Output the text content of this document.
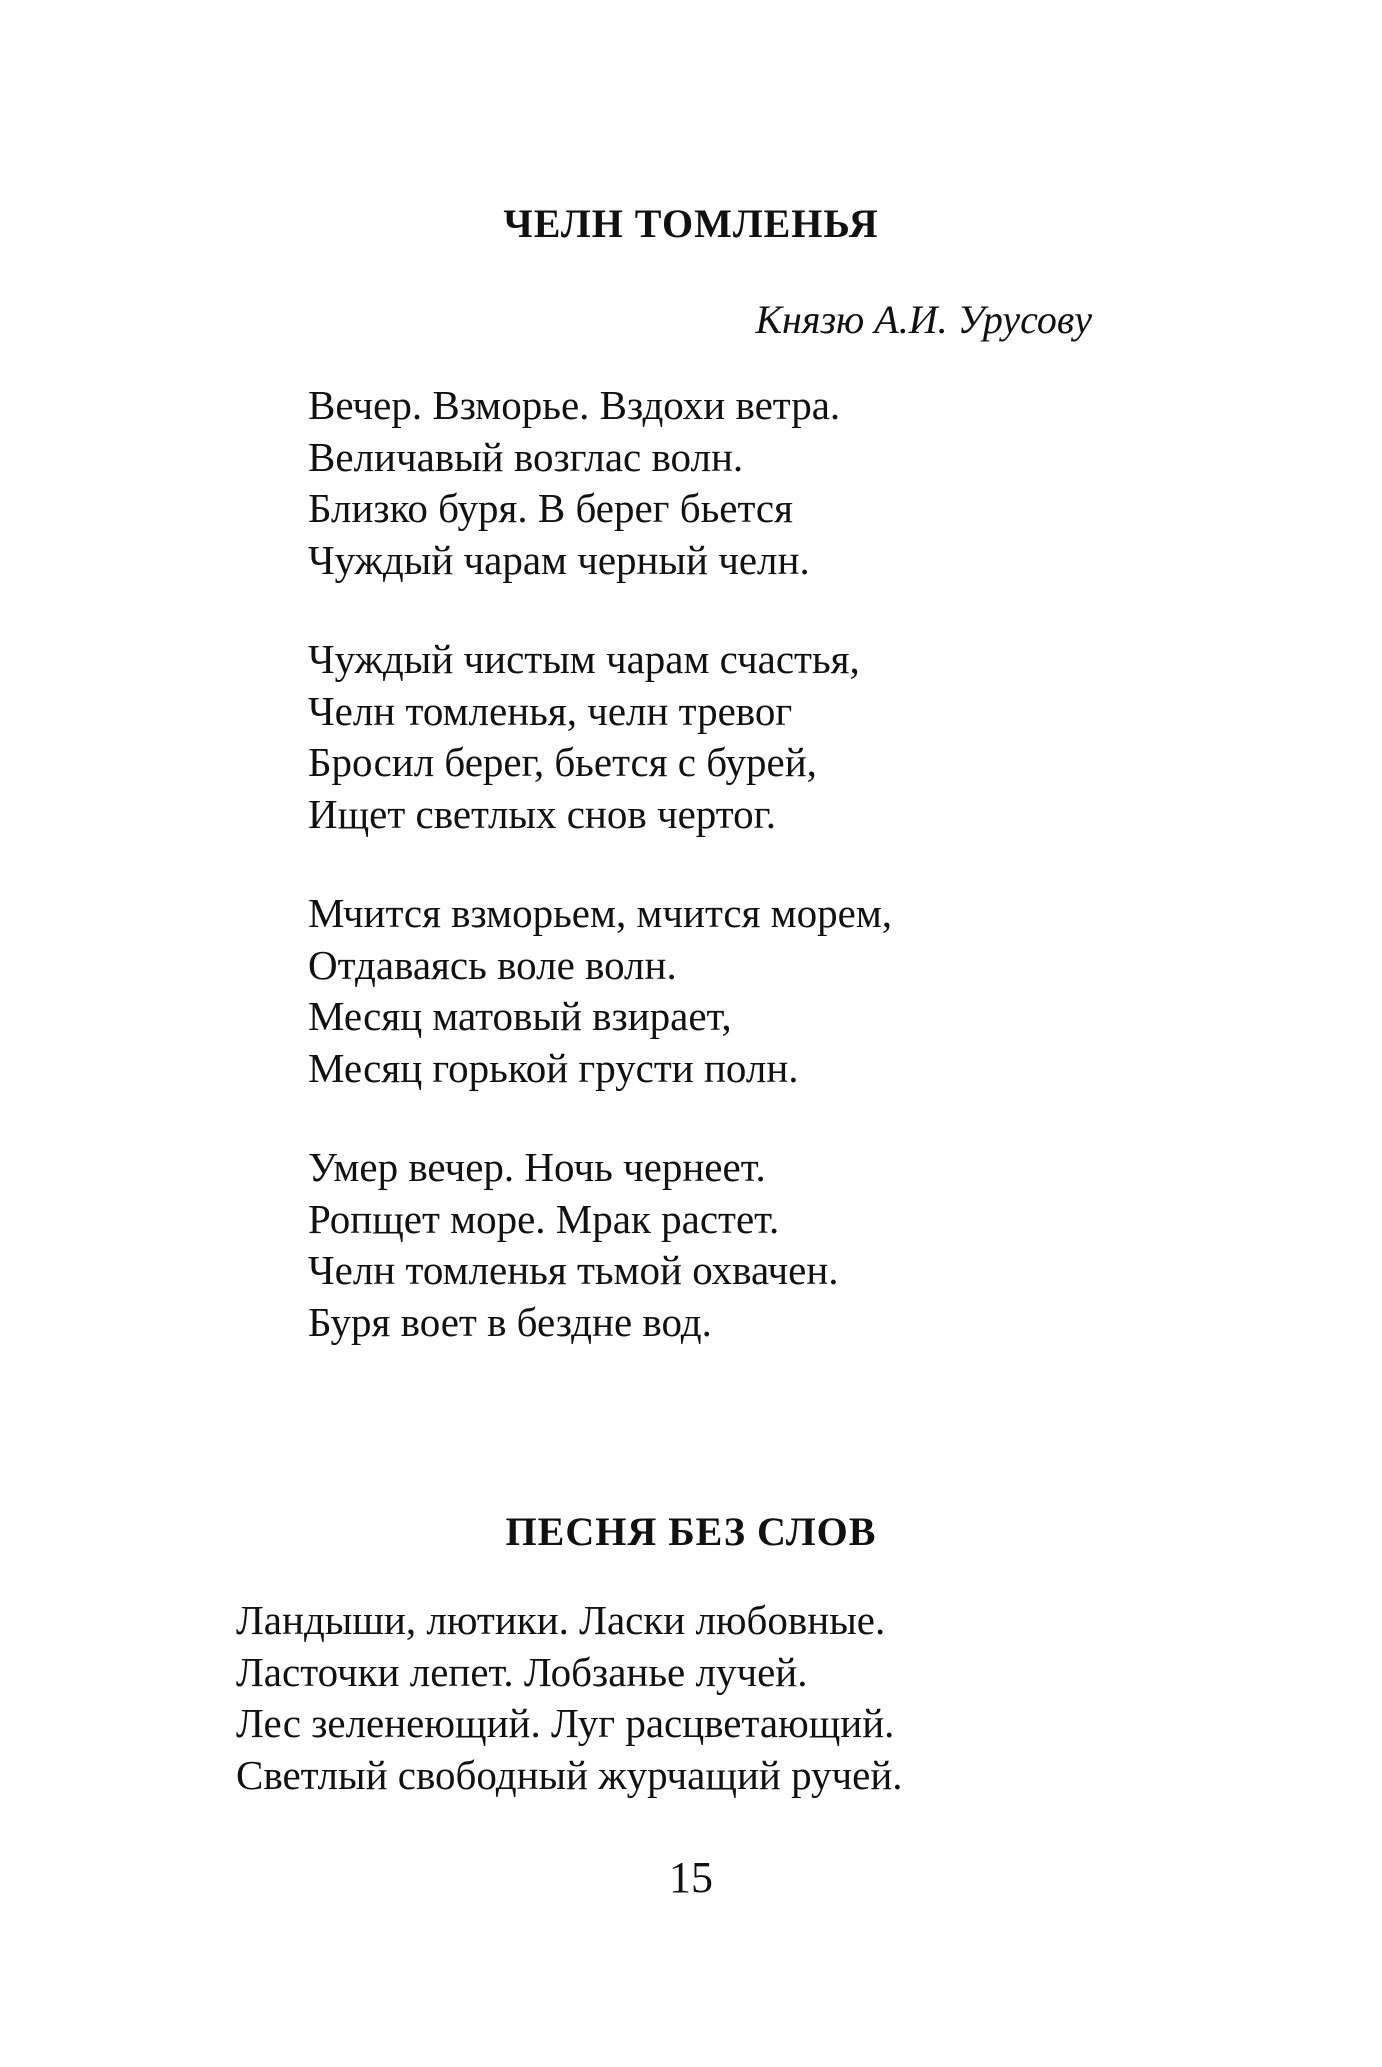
ЧЕЛН ТОМЛЕНЬЯ

Князю А.И. Урусову

Вечер. Взморье. Вздохи ветра.
Величавый возглас волн.
Близко буря. В берег бьется
Чуждый чарам черный челн.
Чуждый чистым чарам счастья,
Челн томленья, челн тревог
Бросил берег, бьется с бурей,
Ищет светлых снов чертог.
Мчится взморьем, мчится морем,
Отдаваясь воле волн.
Месяц матовый взирает,
Месяц горькой грусти полн.
Умер вечер. Ночь чернеет.
Ропщет море. Мрак растет.
Челн томленья тьмой охвачен.
Буря воет в бездне вод.
ПЕСНЯ БЕЗ СЛОВ
Ландыши, лютики. Ласки любовные.
Ласточки лепет. Лобзанье лучей.
Лес зеленеющий. Луг расцветающий.
Светлый свободный журчащий ручей.

15
